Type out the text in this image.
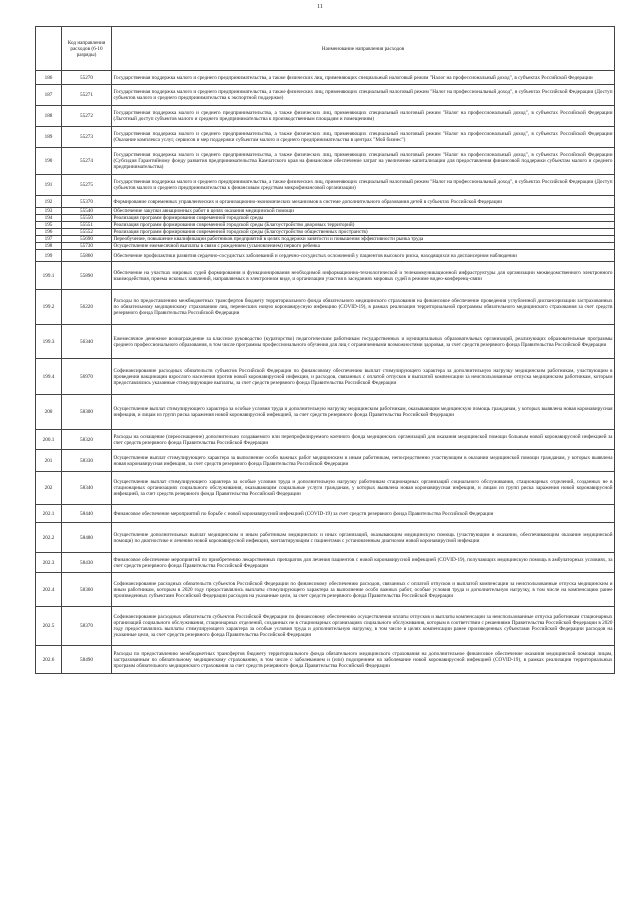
11
	Код направления расходов (6-10 разряды)	Наименование направления расходов
186	55270	Государственная поддержка малого и среднего предпринимательства, а также физических лиц, применяющих специальный налоговый режим "Налог на профессиональный доход", в субъектах Российской Федерации
187	55271	Государственная поддержка малого и среднего предпринимательства, а также физических лиц, применяющих специальный налоговый режим "Налог на профессиональный доход", в субъектах Российской Федерации (Доступ субъектов малого и среднего предпринимательства к экспортной поддержке)
188	55272	Государственная поддержка малого и среднего предпринимательства, а также физических лиц, применяющих специальный налоговый режим "Налог на профессиональный доход", в субъектах Российской Федерации (Льготный доступ субъектов малого и среднего предпринимательства к производственным площадям и помещениям)
189	55273	Государственная поддержка малого и среднего предпринимательства, а также физических лиц, применяющих специальный налоговый режим "Налог на профессиональный доход", в субъектах Российской Федерации (Оказание комплекса услуг, сервисов и мер поддержки субъектам малого и среднего предпринимательства в центрах "Мой бизнес")
190	55274	Государственная поддержка малого и среднего предпринимательства, а также физических лиц, применяющих специальный налоговый режим "Налог на профессиональный доход", в субъектах Российской Федерации (Субсидия Гарантийному фонду развития предпринимательства Камчатского края на финансовое обеспечение затрат на увеличение капитализации для предоставления финансовой поддержки субъектам малого и среднего предпринимательства)
191	55275	Государственная поддержка малого и среднего предпринимательства, а также физических лиц, применяющих специальный налоговый режим "Налог на профессиональный доход", в субъектах Российской Федерации (Доступ субъектов малого и среднего предпринимательства к финансовым средствам микрофинансовой организации)
192	55370	Формирование современных управленческих и организационно-экономических механизмов в системе дополнительного образования детей в субъектах Российской Федерации
193	55540	Обеспечение закупки авиационных работ в целях оказания медицинской помощи
194	55550	Реализация программ формирования современной городской среды
195	55551	Реализация программ формирования современной городской среды (Благоустройство дворовых территорий)
196	55552	Реализация программ формирования современной городской среды (Благоустройство общественных пространств)
197	55690	Переобучение, повышение квалификации работников предприятий в целях поддержки занятости и повышения эффективности рынка труда
198	55730	Осуществление ежемесячной выплаты в связи с рождением (усыновлением) первого ребенка
199	55860	Обеспечение профилактики развития сердечно-сосудистых заболеваний и сердечно-сосудистых осложнений у пациентов высокого риска, находящихся на диспансерном наблюдении
199.1	55890	Обеспечение на участках мировых судей формирования и функционирования необходимой информационно-технологической и телекоммуникационной инфраструктуры для организации межведомственного электронного взаимодействия, приема исковых заявлений, направляемых в электронном виде, и организации участия в заседаниях мировых судей в режиме видео-конференц-связи
199.2	56220	Расходы по предоставлению межбюджетных трансфертов бюджету территориального фонда обязательного медицинского страхования на финансовое обеспечение проведения углубленной диспансеризации застрахованных по обязательному медицинскому страхованию лиц, перенесших новую коронавирусную инфекцию (COVID-19), в рамках реализации территориальной программы обязательного медицинского страхования за счет средств резервного фонда Правительства Российской Федерации
199.3	56340	Ежемесячное денежное вознаграждение за классное руководство (кураторство) педагогическим работникам государственных и муниципальных образовательных организаций, реализующих образовательные программы среднего профессионального образования, в том числе программы профессионального обучения для лиц с ограниченными возможностями здоровья, за счет средств резервного фонда Правительства Российской Федерации
199.4	56970	Софинансирование расходных обязательств субъектов Российской Федерации по финансовому обеспечению выплат стимулирующего характера за дополнительную нагрузку медицинским работникам, участвующим в проведении вакцинации взрослого населения против новой коронавирусной инфекции, и расходов, связанных с оплатой отпусков и выплатой компенсации за неиспользованные отпуска медицинским работникам, которым предоставлялись указанные стимулирующие выплаты, за счет средств резервного фонда Правительства Российской Федерации
200	58300	Осуществление выплат стимулирующего характера за особые условия труда и дополнительную нагрузку медицинским работникам, оказывающим медицинскую помощь гражданам, у которых выявлена новая коронавирусная инфекция, и лицам из групп риска заражения новой коронавирусной инфекцией, за счет средств резервного фонда Правительства Российской Федерации
200.1	58320	Расходы на оснащение (переоснащение) дополнительно создаваемого или перепрофилируемого коечного фонда медицинских организаций для оказания медицинской помощи больным новой коронавирусной инфекцией за счет средств резервного фонда Правительства Российской Федерации
201	58330	Осуществление выплат стимулирующего характера за выполнение особо важных работ медицинским и иным работникам, непосредственно участвующим в оказании медицинской помощи гражданам, у которых выявлена новая коронавирусная инфекция, за счет средств резервного фонда Правительства Российской Федерации
202	58340	Осуществление выплат стимулирующего характера за особые условия труда и дополнительную нагрузку работникам стационарных организаций социального обслуживания, стационарных отделений, созданных не в стационарных организациях социального обслуживания, оказывающим социальные услуги гражданам, у которых выявлена новая коронавирусная инфекция, и лицам из групп риска заражения новой коронавирусной инфекцией, за счет средств резервного фонда Правительства Российской Федерации
202.1	58440	Финансовое обеспечение мероприятий по борьбе с новой коронавирусной инфекцией (COVID-19) за счет средств резервного фонда Правительства Российской Федерации
202.2	58480	Осуществление дополнительных выплат медицинским и иным работникам медицинских и иных организаций, оказывающим медицинскую помощь (участвующим в оказании, обеспечивающим оказание медицинской помощи) по диагностике и лечению новой коронавирусной инфекции, контактирующим с пациентами с установленным диагнозом новой коронавирусной инфекции
202.3	58430	Финансовое обеспечение мероприятий по приобретению лекарственных препаратов для лечения пациентов с новой коронавирусной инфекцией (COVID-19), получающих медицинскую помощь в амбулаторных условиях, за счет средств резервного фонда Правительства Российской Федерации
202.4	58360	Софинансирование расходных обязательств субъектов Российской Федерации по финансовому обеспечению расходов, связанных с оплатой отпусков и выплатой компенсации за неиспользованные отпуска медицинским и иным работникам, которым в 2020 году предоставлялись выплаты стимулирующего характера за выполнение особо важных работ, особые условия труда и дополнительную нагрузку, в том числе на компенсацию ранее произведенных субъектами Российской Федерации расходов на указанные цели, за счет средств резервного фонда Правительства Российской Федерации
202.5	58370	Софинансирование расходных обязательств субъектов Российской Федерации по финансовому обеспечению осуществления оплаты отпусков и выплаты компенсации за неиспользованные отпуска работникам стационарных организаций социального обслуживания, стационарных отделений, созданных не в стационарных организациях социального обслуживания, которым в соответствии с решениями Правительства Российской Федерации в 2020 году предоставлялись выплаты стимулирующего характера за особые условия труда и дополнительную нагрузку, в том числе в целях компенсации ранее произведенных субъектами Российской Федерации расходов на указанные цели, за счет средств резервного фонда Правительства Российской Федерации
202.6	58490	Расходы по предоставлению межбюджетных трансфертов бюджету территориального фонда обязательного медицинского страхования на дополнительное финансовое обеспечение оказания медицинской помощи лицам, застрахованным по обязательному медицинскому страхованию, в том числе с заболеванием и (или) подозрением на заболевание новой коронавирусной инфекцией (COVID-19), в рамках реализации территориальных программ обязательного медицинского страхования за счет средств резервного фонда Правительства Российской Федерации
